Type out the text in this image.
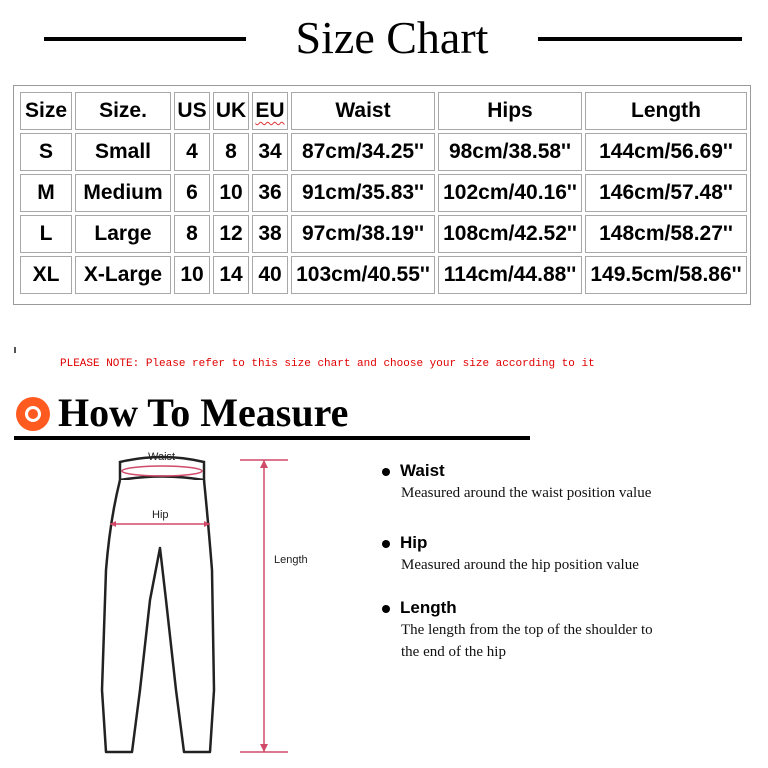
Size Chart
Size	Size.	US	UK	EU	Waist	Hips	Length
S	Small	4	8	34	87cm/34.25''	98cm/38.58''	144cm/56.69''
M	Medium	6	10	36	91cm/35.83''	102cm/40.16''	146cm/57.48''
L	Large	8	12	38	97cm/38.19''	108cm/42.52''	148cm/58.27''
XL	X-Large	10	14	40	103cm/40.55''	114cm/44.88''	149.5cm/58.86''
PLEASE NOTE: Please refer to this size chart and choose your size according to it
How To Measure
Waist
Hip
Length
Waist
Measured around the waist position value
Hip
Measured around the hip position value
Length
The length from the top of the shoulder to
the end of the hip
